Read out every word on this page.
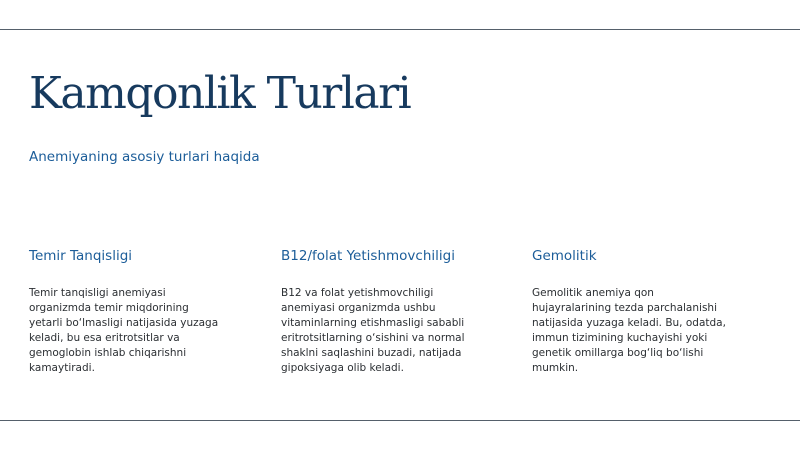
Kamqonlik Turlari

Anemiyaning asosiy turlari haqida

Temir Tanqisligi

Temir tanqisligi anemiyasi organizmda temir miqdorining yetarli bo‘lmasligi natijasida yuzaga keladi, bu esa eritrotsitlar va gemoglobin ishlab chiqarishni kamaytiradi.

B12/folat Yetishmovchiligi

B12 va folat yetishmovchiligi anemiyasi organizmda ushbu vitaminlarning etishmasligi sababli eritrotsitlarning o‘sishini va normal shaklni saqlashini buzadi, natijada gipoksiyaga olib keladi.

Gemolitik

Gemolitik anemiya qon hujayralarining tezda parchalanishi natijasida yuzaga keladi. Bu, odatda, immun tizimining kuchayishi yoki genetik omillarga bog‘liq bo‘lishi mumkin.
